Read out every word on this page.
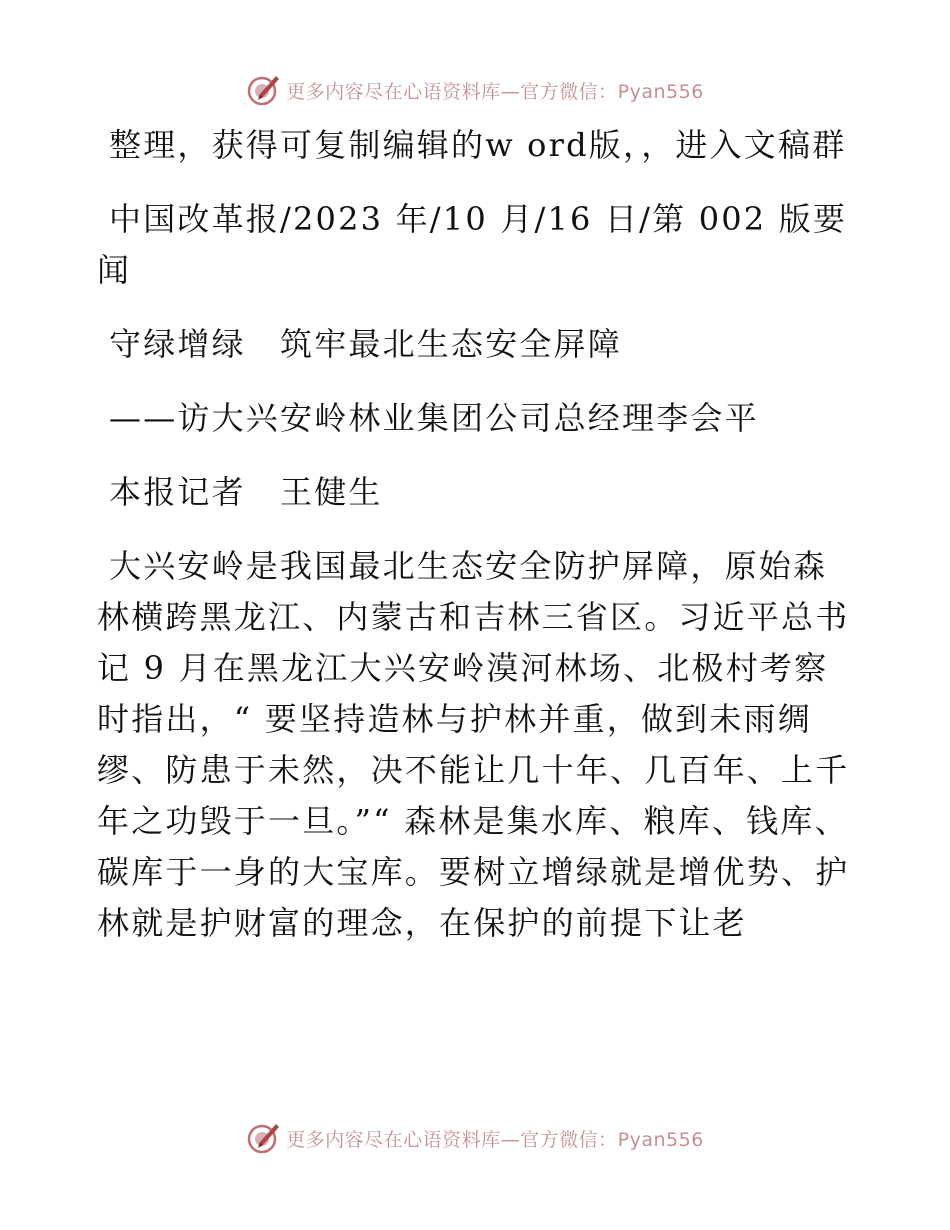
更多内容尽在心语资料库—官方微信：Pyan556

整理，获得可复制编辑的w ord版，，进入文稿群

中国改革报/2023 年/10 月/16 日/第 002 版要闻

守绿增绿　筑牢最北生态安全屏障

——访大兴安岭林业集团公司总经理李会平

本报记者　王健生

大兴安岭是我国最北生态安全防护屏障，原始森林横跨黑龙江、内蒙古和吉林三省区。习近平总书记 9 月在黑龙江大兴安岭漠河林场、北极村考察时指出，“ 要坚持造林与护林并重，做到未雨绸缪、防患于未然，决不能让几十年、几百年、上千年之功毁于一旦。”“ 森林是集水库、粮库、钱库、碳库于一身的大宝库。要树立增绿就是增优势、护林就是护财富的理念，在保护的前提下让老

更多内容尽在心语资料库—官方微信：Pyan556
